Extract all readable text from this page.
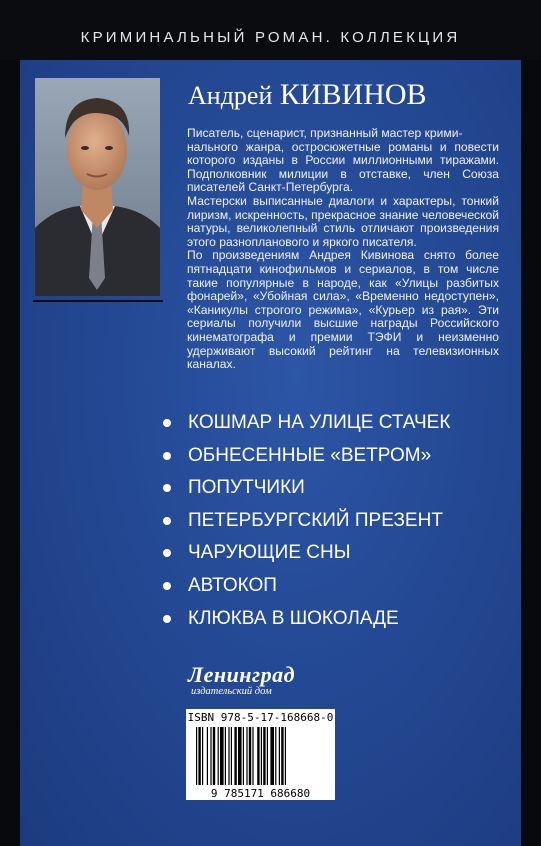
КРИМИНАЛЬНЫЙ РОМАН. КОЛЛЕКЦИЯ
Андрей КИВИНОВ

Писатель, сценарист, признанный мастер крими-

нального жанра, остросюжетные романы и повести которого изданы в России миллионными тиражами. Подполковник милиции в отставке, член Союза писателей Санкт-Петербурга.

Мастерски выписанные диалоги и характеры, тонкий лиризм, искренность, прекрасное знание человеческой натуры, великолепный стиль отличают произведения этого разнопланового и яркого писателя.

По произведениям Андрея Кивинова снято более пятнадцати кинофильмов и сериалов, в том числе такие популярные в народе, как «Улицы разбитых фонарей», «Убойная сила», «Временно недоступен», «Каникулы строгого режима», «Курьер из рая». Эти сериалы получили высшие награды Российского кинематографа и премии ТЭФИ и неизменно удерживают высокий рейтинг на телевизионных каналах.

КОШМАР НА УЛИЦЕ СТАЧЕК
ОБНЕСЕННЫЕ «ВЕТРОМ»
ПОПУТЧИКИ
ПЕТЕРБУРГСКИЙ ПРЕЗЕНТ
ЧАРУЮЩИЕ СНЫ
АВТОКОП
КЛЮКВА В ШОКОЛАДЕ
Ленинград
издательский дом
ISBN 978-5-17-168668-0
9 785171 686680
